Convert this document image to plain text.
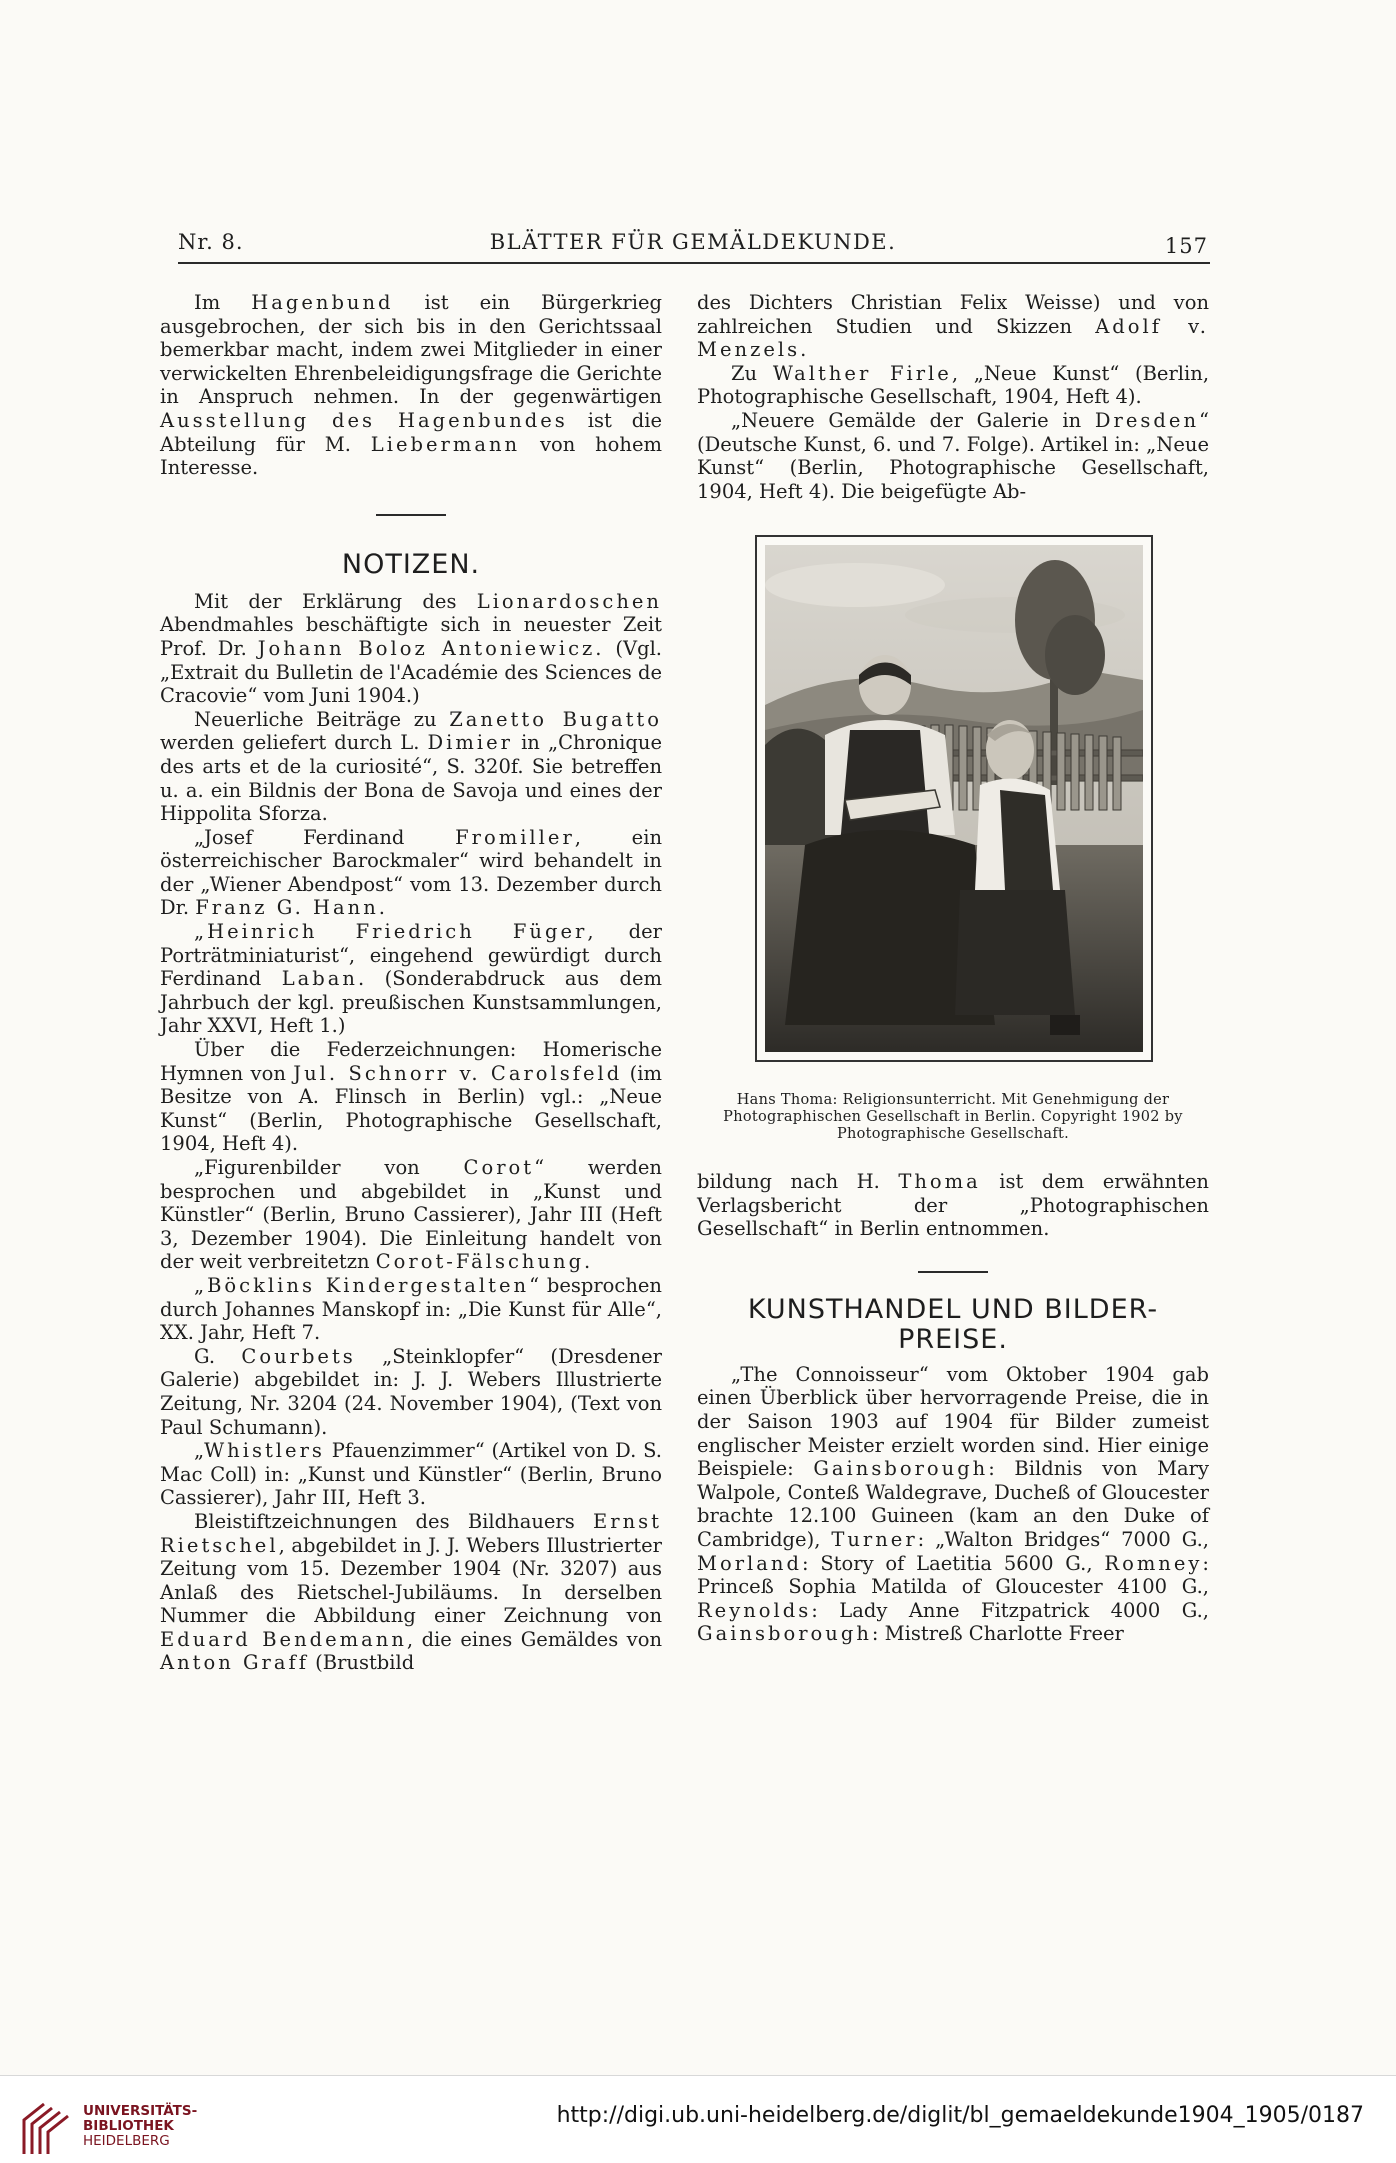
Nr. 8.	BLÄTTER FÜR GEMÄLDEKUNDE.	157

Im Hagenbund ist ein Bürgerkrieg ausgebrochen, der sich bis in den Gerichtssaal bemerkbar macht, indem zwei Mitglieder in einer verwickelten Ehrenbeleidigungsfrage die Gerichte in Anspruch nehmen. In der gegenwärtigen Ausstellung des Hagenbundes ist die Abteilung für M. Liebermann von hohem Interesse.

NOTIZEN.

Mit der Erklärung des Lionardoschen Abendmahles beschäftigte sich in neuester Zeit Prof. Dr. Johann Boloz Antoniewicz. (Vgl. „Extrait du Bulletin de l'Académie des Sciences de Cracovie“ vom Juni 1904.)

Neuerliche Beiträge zu Zanetto Bugatto werden geliefert durch L. Dimier in „Chronique des arts et de la curiosité“, S. 320f. Sie betreffen u. a. ein Bildnis der Bona de Savoja und eines der Hippolita Sforza.

„Josef Ferdinand Fromiller, ein österreichischer Barockmaler“ wird behandelt in der „Wiener Abendpost“ vom 13. Dezember durch Dr. Franz G. Hann.

„Heinrich Friedrich Füger, der Porträtminiaturist“, eingehend gewürdigt durch Ferdinand Laban. (Sonderabdruck aus dem Jahrbuch der kgl. preußischen Kunstsammlungen, Jahr XXVI, Heft 1.)

Über die Federzeichnungen: Homerische Hymnen von Jul. Schnorr v. Carolsfeld (im Besitze von A. Flinsch in Berlin) vgl.: „Neue Kunst“ (Berlin, Photographische Gesellschaft, 1904, Heft 4).

„Figurenbilder von Corot“ werden besprochen und abgebildet in „Kunst und Künstler“ (Berlin, Bruno Cassierer), Jahr III (Heft 3, Dezember 1904). Die Einleitung handelt von der weit verbreitetzn Corot-Fälschung.

„Böcklins Kindergestalten“ besprochen durch Johannes Manskopf in: „Die Kunst für Alle“, XX. Jahr, Heft 7.

G. Courbets „Steinklopfer“ (Dresdener Galerie) abgebildet in: J. J. Webers Illustrierte Zeitung, Nr. 3204 (24. November 1904), (Text von Paul Schumann).

„Whistlers Pfauenzimmer“ (Artikel von D. S. Mac Coll) in: „Kunst und Künstler“ (Berlin, Bruno Cassierer), Jahr III, Heft 3.

Bleistiftzeichnungen des Bildhauers Ernst Rietschel, abgebildet in J. J. Webers Illustrierter Zeitung vom 15. Dezember 1904 (Nr. 3207) aus Anlaß des Rietschel-Jubiläums. In derselben Nummer die Abbildung einer Zeichnung von Eduard Bendemann, die eines Gemäldes von Anton Graff (Brustbild

des Dichters Christian Felix Weisse) und von zahlreichen Studien und Skizzen Adolf v. Menzels.

Zu Walther Firle, „Neue Kunst“ (Berlin, Photographische Gesellschaft, 1904, Heft 4).

„Neuere Gemälde der Galerie in Dresden“ (Deutsche Kunst, 6. und 7. Folge). Artikel in: „Neue Kunst“ (Berlin, Photographische Gesellschaft, 1904, Heft 4). Die beigefügte Ab-

Hans Thoma: Religionsunterricht. Mit Genehmigung der Photographischen Gesellschaft in Berlin. Copyright 1902 by Photographische Gesellschaft.

bildung nach H. Thoma ist dem erwähnten Verlagsbericht der „Photographischen Gesellschaft“ in Berlin entnommen.

KUNSTHANDEL UND BILDER-
PREISE.

„The Connoisseur“ vom Oktober 1904 gab einen Überblick über hervorragende Preise, die in der Saison 1903 auf 1904 für Bilder zumeist englischer Meister erzielt worden sind. Hier einige Beispiele: Gainsborough: Bildnis von Mary Walpole, Conteß Waldegrave, Ducheß of Gloucester brachte 12.100 Guineen (kam an den Duke of Cambridge), Turner: „Walton Bridges“ 7000 G., Morland: Story of Laetitia 5600 G., Romney: Princeß Sophia Matilda of Gloucester 4100 G., Reynolds: Lady Anne Fitzpatrick 4000 G., Gainsborough: Mistreß Charlotte Freer

UNIVERSITÄTS-
BIBLIOTHEK
HEIDELBERG
http://digi.ub.uni-heidelberg.de/diglit/bl_gemaeldekunde1904_1905/0187
